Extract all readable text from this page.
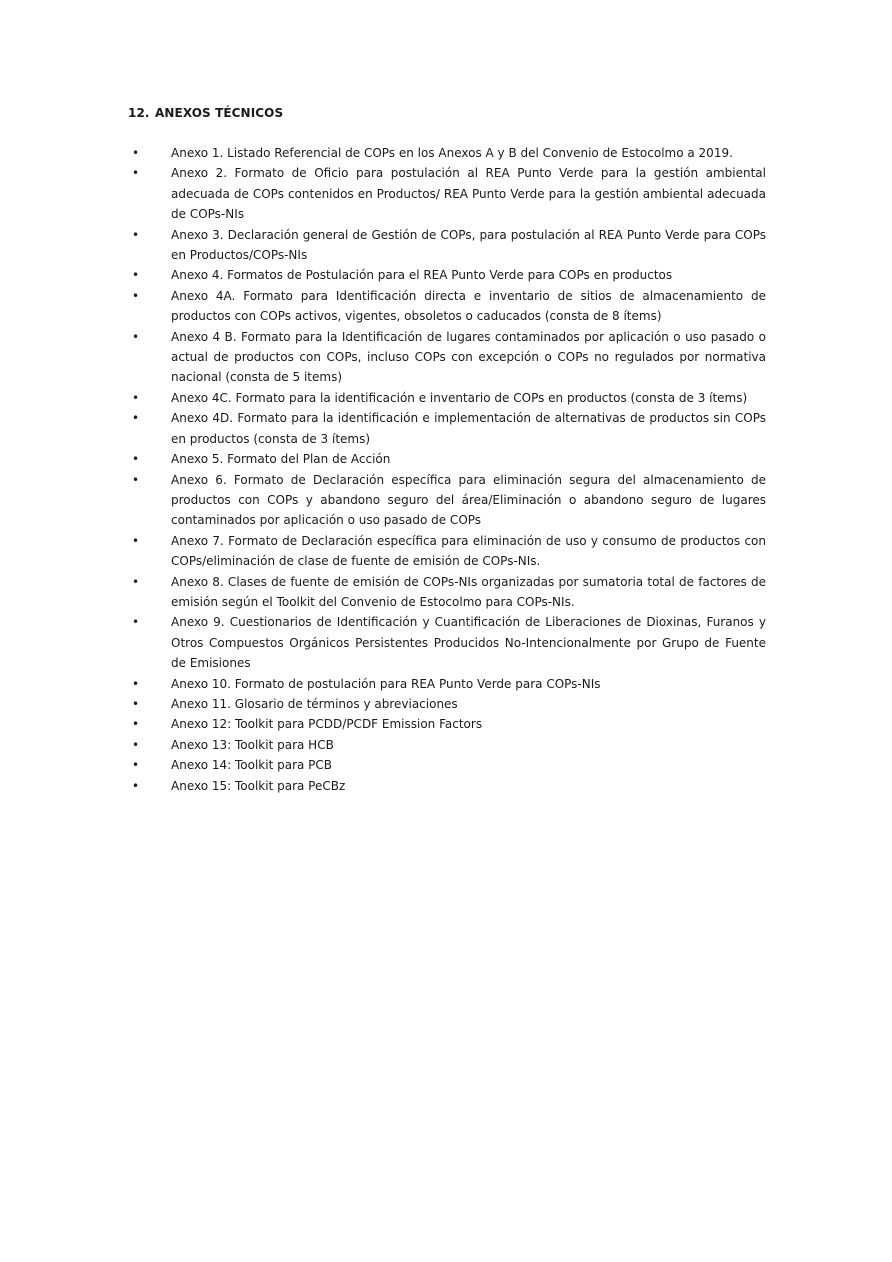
12. ANEXOS TÉCNICOS
•	Anexo 1. Listado Referencial de COPs en los Anexos A y B del Convenio de Estocolmo a 2019.
•	Anexo 2. Formato de Oficio para postulación al REA Punto Verde para la gestión ambiental adecuada de COPs contenidos en Productos/ REA Punto Verde para la gestión ambiental adecuada de COPs-NIs
•	Anexo 3. Declaración general de Gestión de COPs, para postulación al REA Punto Verde para COPs en Productos/COPs-NIs
•	Anexo 4. Formatos de Postulación para el REA Punto Verde para COPs en productos
•	Anexo 4A. Formato para Identificación directa e inventario de sitios de almacenamiento de productos con COPs activos, vigentes, obsoletos o caducados (consta de 8 ítems)
•	Anexo 4 B. Formato para la Identificación de lugares contaminados por aplicación o uso pasado o actual de productos con COPs, incluso COPs con excepción o COPs no regulados por normativa nacional (consta de 5 items)
•	Anexo 4C. Formato para la identificación e inventario de COPs en productos (consta de 3 ítems)
•	Anexo 4D. Formato para la identificación e implementación de alternativas de productos sin COPs en productos (consta de 3 ítems)
•	Anexo 5. Formato del Plan de Acción
•	Anexo 6. Formato de Declaración específica para eliminación segura del almacenamiento de productos con COPs y abandono seguro del área/Eliminación o abandono seguro de lugares contaminados por aplicación o uso pasado de COPs
•	Anexo 7. Formato de Declaración específica para eliminación de uso y consumo de productos con COPs/eliminación de clase de fuente de emisión de COPs-NIs.
•	Anexo 8. Clases de fuente de emisión de COPs-NIs organizadas por sumatoria total de factores de emisión según el Toolkit del Convenio de Estocolmo para COPs-NIs.
•	Anexo 9. Cuestionarios de Identificación y Cuantificación de Liberaciones de Dioxinas, Furanos y Otros Compuestos Orgánicos Persistentes Producidos No-Intencionalmente por Grupo de Fuente de Emisiones
•	Anexo 10. Formato de postulación para REA Punto Verde para COPs-NIs
•	Anexo 11. Glosario de términos y abreviaciones
•	Anexo 12: Toolkit para PCDD/PCDF Emission Factors
•	Anexo 13: Toolkit para HCB
•	Anexo 14: Toolkit para PCB
•	Anexo 15: Toolkit para PeCBz
